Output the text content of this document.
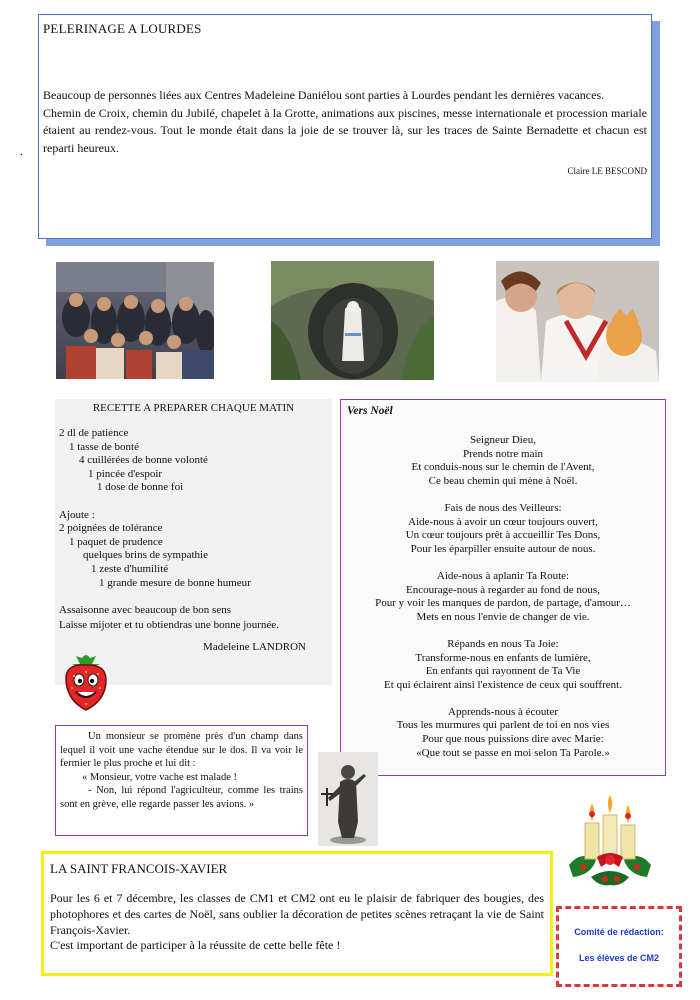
PELERINAGE A LOURDES
Beaucoup de personnes liées aux Centres Madeleine Daniélou sont parties à Lourdes pendant les dernières vacances.
Chemin de Croix, chemin du Jubilé, chapelet à la Grotte, animations aux piscines, messe internationale et procession mariale étaient au rendez-vous. Tout le monde était dans la joie de se trouver là, sur les traces de Sainte Bernadette et chacun est reparti heureux.
Claire LE BESCOND
.
RECETTE A PREPARER CHAQUE MATIN
2 dl de patience
1 tasse de bonté
4 cuillérées de bonne volonté
1 pincée d'espoir
1 dose de bonne foi
Ajoute :
2 poignées de tolérance
1 paquet de prudence
quelques brins de sympathie
1 zeste d'humilité
1 grande mesure de bonne humeur
Assaisonne avec beaucoup de bon sens
Laisse mijoter et tu obtiendras une bonne journée.
Madeleine LANDRON
Vers Noël
Seigneur Dieu,
Prends notre main
Et conduis-nous sur le chemin de l'Avent,
Ce beau chemin qui mène à Noël.
Fais de nous des Veilleurs:
Aide-nous à avoir un cœur toujours ouvert,
Un cœur toujours prêt à accueillir Tes Dons,
Pour les éparpiller ensuite autour de nous.
Aide-nous à aplanir Ta Route:
Encourage-nous à regarder au fond de nous,
Pour y voir les manques de pardon, de partage, d'amour…
Mets en nous l'envie de changer de vie.
Répands en nous Ta Joie:
Transforme-nous en enfants de lumière,
En enfants qui rayonnent de Ta Vie
Et qui éclairent ainsi l'existence de ceux qui souffrent.
Apprends-nous à écouter
Tous les murmures qui parlent de toi en nos vies
Pour que nous puissions dire avec Marie:
«Que tout se passe en moi selon Ta Parole.»
Un monsieur se promène près d'un champ dans lequel il voit une vache étendue sur le dos. Il va voir le fermier le plus proche et lui dit :
« Monsieur, votre vache est malade !
- Non, lui répond l'agriculteur, comme les trains sont en grève, elle regarde passer les avions. »
LA SAINT FRANCOIS-XAVIER
Pour les 6 et 7 décembre, les classes de CM1 et CM2 ont eu le plaisir de fabriquer des bougies, des photophores et des cartes de Noël, sans oublier la décoration de petites scènes retraçant la vie de Saint François-Xavier.
C'est important de participer à la réussite de cette belle fête !
Comité de rédaction:
Les élèves de CM2
